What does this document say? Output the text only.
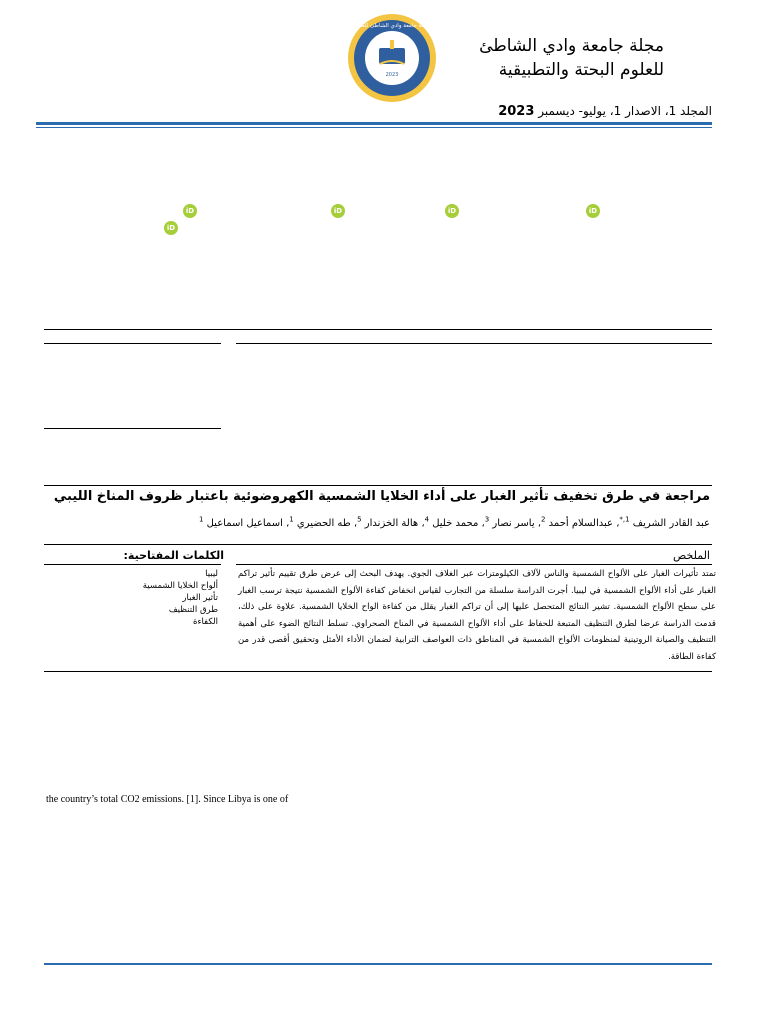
2023
مجلة جامعة وادي الشاطئ للعلوم
مجلة جامعة وادي الشاطئ
للعلوم البحتة والتطبيقية
المجلد 1، الاصدار 1، يوليو- ديسمبر 2023
iD	iD	iD	iD
iD
مراجعة في طرق تخفيف تأثير الغبار على أداء الخلايا الشمسية الكهروضوئية باعتبار ظروف المناخ الليبي
عبد القادر الشريف $^{1,*}$، عبدالسلام أحمد $^2$، ياسر نصار $^3$، محمد خليل $^4$، هالة الخزندار $^5$، طه الحضيري $^1$، اسماعيل اسماعيل $^1$
الملخص
الكلمات المفتاحية:
تمتد تأثيرات الغبار على الألواح الشمسية والناس لآلاف الكيلومترات عبر الغلاف الجوي. يهدف البحث إلى عرض طرق تقييم تأثير تراكم الغبار على أداء الألواح الشمسية في ليبيا. أجرت الدراسة سلسلة من التجارب لقياس انخفاض كفاءة الألواح الشمسية نتيجة ترسب الغبار على سطح الألواح الشمسية. تشير النتائج المتحصل عليها إلى أن تراكم الغبار يقلل من كفاءة الواح الخلايا الشمسية. علاوة على ذلك، قدمت الدراسة عرضا لطرق التنظيف المتبعة للحفاظ على أداء الألواح الشمسية في المناخ الصحراوي. تسلط النتائج الضوء على أهمية التنظيف والصيانة الروتينية لمنظومات الألواح الشمسية في المناطق ذات العواصف الترابية لضمان الأداء الأمثل وتحقيق أقصى قدر من كفاءة الطاقة.
ليبيا
ألواح الخلايا الشمسية
تأثير الغبار
طرق التنظيف
الكفاءة
the country’s total CO2 emissions. [1]. Since Libya is one of
